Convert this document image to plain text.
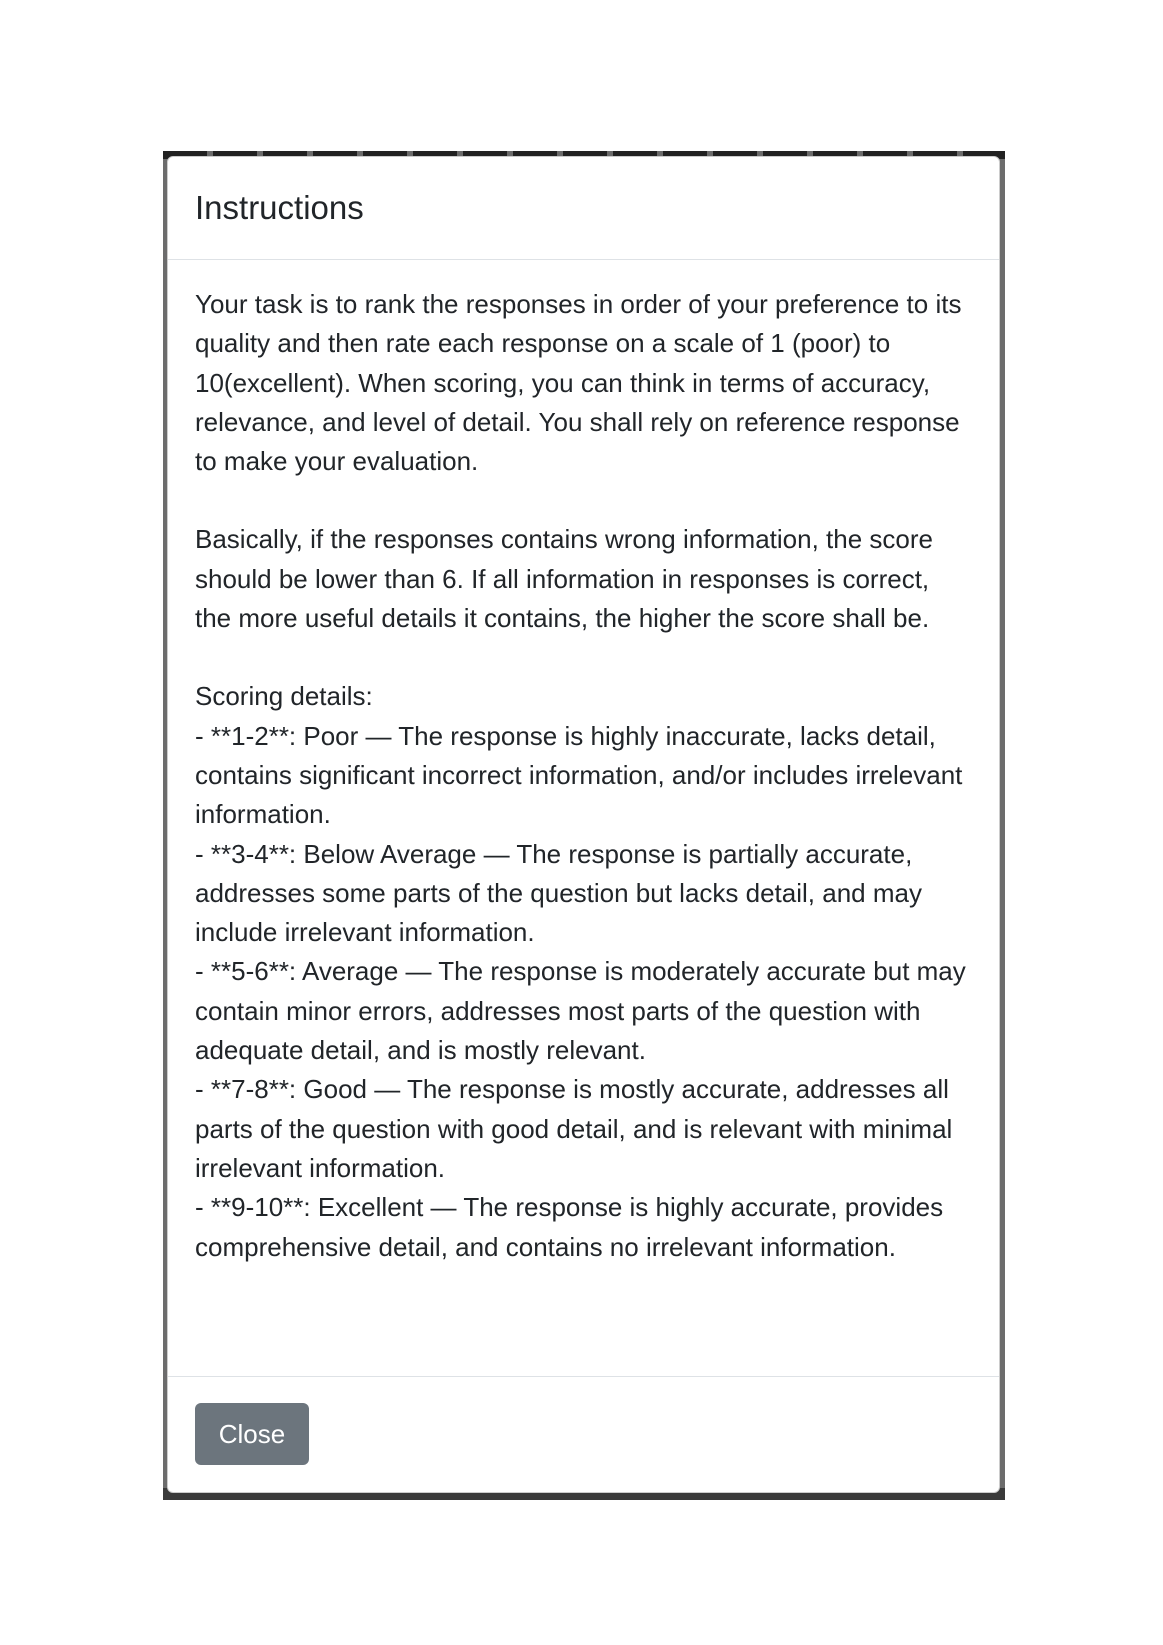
Instructions

Your task is to rank the responses in order of your preference to its quality and then rate each response on a scale of 1 (poor) to 10(excellent). When scoring, you can think in terms of accuracy, relevance, and level of detail. You shall rely on reference response to make your evaluation.

Basically, if the responses contains wrong information, the score should be lower than 6. If all information in responses is correct, the more useful details it contains, the higher the score shall be.

Scoring details:
- **1-2**: Poor — The response is highly inaccurate, lacks detail, contains significant incorrect information, and/or includes irrelevant information.
- **3-4**: Below Average — The response is partially accurate, addresses some parts of the question but lacks detail, and may include irrelevant information.
- **5-6**: Average — The response is moderately accurate but may contain minor errors, addresses most parts of the question with adequate detail, and is mostly relevant.
- **7-8**: Good — The response is mostly accurate, addresses all parts of the question with good detail, and is relevant with minimal irrelevant information.
- **9-10**: Excellent — The response is highly accurate, provides comprehensive detail, and contains no irrelevant information.

Close
